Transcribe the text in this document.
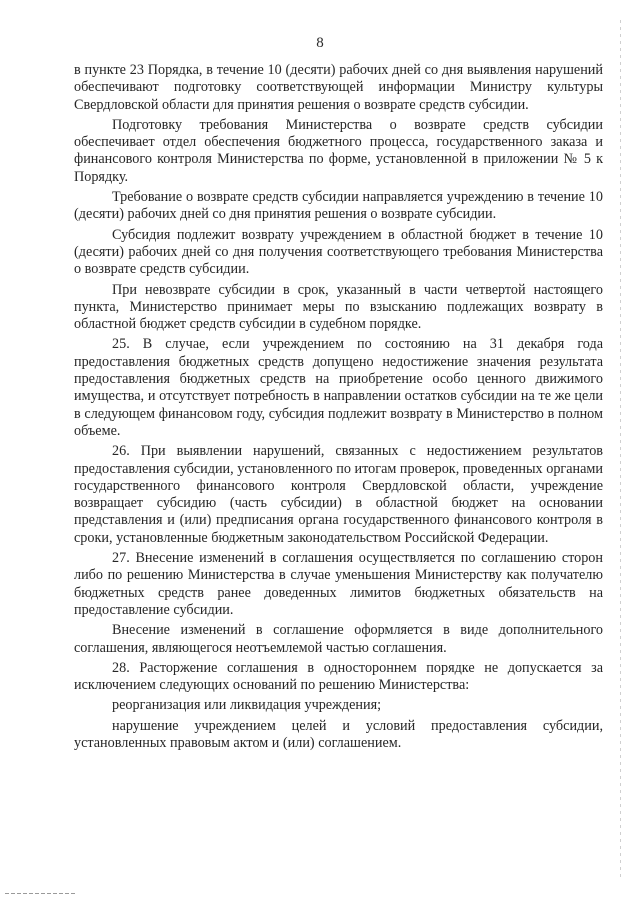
8

в пункте 23 Порядка, в течение 10 (десяти) рабочих дней со дня выявления нарушений обеспечивают подготовку соответствующей информации Министру культуры Свердловской области для принятия решения о возврате средств субсидии.

Подготовку требования Министерства о возврате средств субсидии обеспечивает отдел обеспечения бюджетного процесса, государственного заказа и финансового контроля Министерства по форме, установленной в приложении № 5 к Порядку.

Требование о возврате средств субсидии направляется учреждению в течение 10 (десяти) рабочих дней со дня принятия решения о возврате субсидии.

Субсидия подлежит возврату учреждением в областной бюджет в течение 10 (десяти) рабочих дней со дня получения соответствующего требования Министерства о возврате средств субсидии.

При невозврате субсидии в срок, указанный в части четвертой настоящего пункта, Министерство принимает меры по взысканию подлежащих возврату в областной бюджет средств субсидии в судебном порядке.

25. В случае, если учреждением по состоянию на 31 декабря года предоставления бюджетных средств допущено недостижение значения результата предоставления бюджетных средств на приобретение особо ценного движимого имущества, и отсутствует потребность в направлении остатков субсидии на те же цели в следующем финансовом году, субсидия подлежит возврату в Министерство в полном объеме.

26. При выявлении нарушений, связанных с недостижением результатов предоставления субсидии, установленного по итогам проверок, проведенных органами государственного финансового контроля Свердловской области, учреждение возвращает субсидию (часть субсидии) в областной бюджет на основании представления и (или) предписания органа государственного финансового контроля в сроки, установленные бюджетным законодательством Российской Федерации.

27. Внесение изменений в соглашения осуществляется по соглашению сторон либо по решению Министерства в случае уменьшения Министерству как получателю бюджетных средств ранее доведенных лимитов бюджетных обязательств на предоставление субсидии.

Внесение изменений в соглашение оформляется в виде дополнительного соглашения, являющегося неотъемлемой частью соглашения.

28. Расторжение соглашения в одностороннем порядке не допускается за исключением следующих оснований по решению Министерства:

реорганизация или ликвидация учреждения;

нарушение учреждением целей и условий предоставления субсидии, установленных правовым актом и (или) соглашением.
